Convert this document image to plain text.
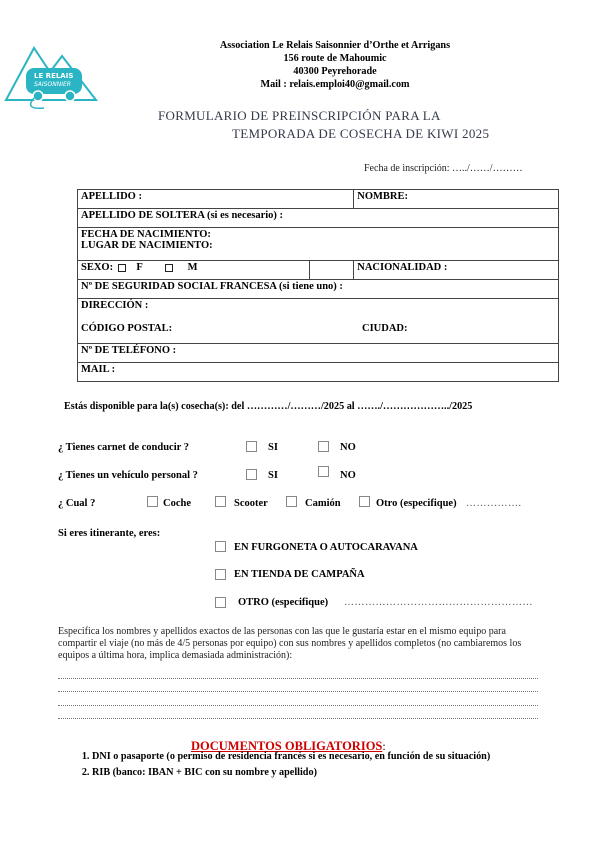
LE RELAIS
SAISONNIER
Association Le Relais Saisonnier d’Orthe et Arrigans
156 route de Mahoumic
40300 Peyrehorade
Mail : relais.emploi40@gmail.com
FORMULARIO DE PREINSCRIPCIÓN PARA LA
TEMPORADA DE COSECHA DE KIWI 2025
Fecha de inscripción: …../……/………
APELLIDO :		NOMBRE:
APELLIDO DE SOLTERA (si es necesario) :		

FECHA DE NACIMIENTO:
LUGAR DE NACIMIENTO:		

SEXO: F M		NACIONALIDAD :
Nº DE SEGURIDAD SOCIAL FRANCESA (si tiene uno) :		

DIRECCIÓN :
CÓDIGO POSTAL: CIUDAD:		

Nº DE TELÉFONO :		
MAIL :		
Estás disponible para la(s) cosecha(s): del …………/………/2025 al ……./………………../2025
¿ Tienes carnet de conducir ?	SI	NO
¿ Tienes un vehículo personal ?	SI	NO
¿ Cual ?	Coche	Scooter	Camión	Otro (especifique) …………….
Si eres itinerante, eres:
EN FURGONETA O AUTOCARAVANA
EN TIENDA DE CAMPAÑA
OTRO (especifique) ………………………………………………
Especifica los nombres y apellidos exactos de las personas con las que le gustaría estar en el mismo equipo para compartir el viaje (no más de 4/5 personas por equipo) con sus nombres y apellidos completos (no cambiaremos los equipos a última hora, implica demasiada administración):
DOCUMENTOS OBLIGATORIOS:
1. DNI o pasaporte (o permiso de residencia francés si es necesario, en función de su situación)
2. RIB (banco: IBAN + BIC con su nombre y apellido)
